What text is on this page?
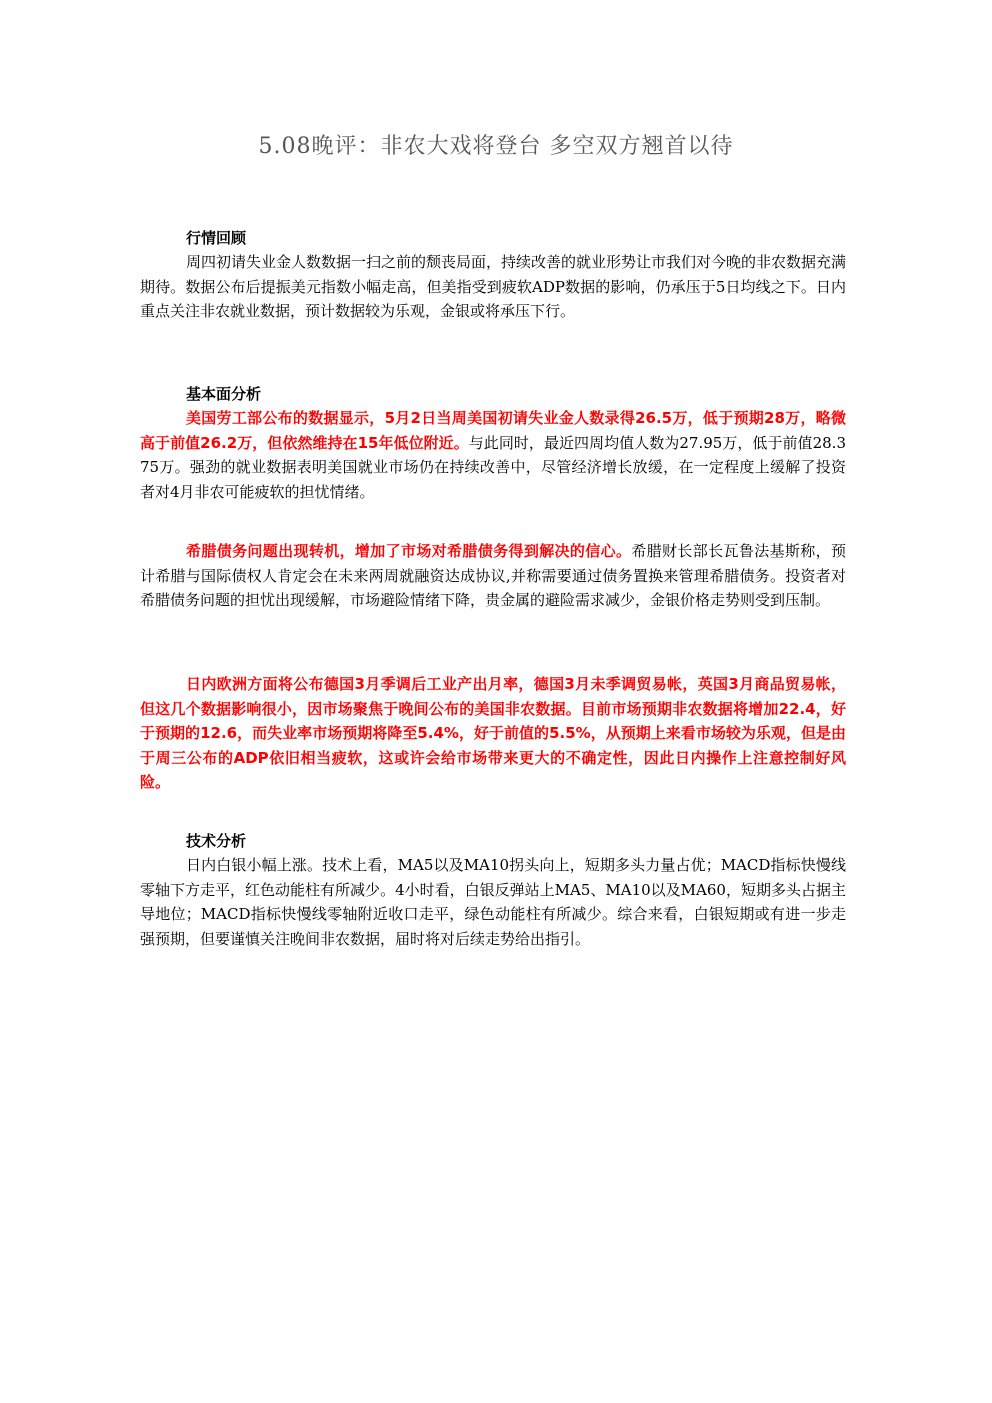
5.08晚评：非农大戏将登台 多空双方翘首以待
行情回顾

周四初请失业金人数数据一扫之前的颓丧局面，持续改善的就业形势让市我们对今晚的非农数据充满期待。数据公布后提振美元指数小幅走高，但美指受到疲软ADP数据的影响，仍承压于5日均线之下。日内重点关注非农就业数据，预计数据较为乐观，金银或将承压下行。

基本面分析

美国劳工部公布的数据显示，5月2日当周美国初请失业金人数录得26.5万，低于预期28万，略微高于前值26.2万，但依然维持在15年低位附近。与此同时，最近四周均值人数为27.95万，低于前值28.375万。强劲的就业数据表明美国就业市场仍在持续改善中，尽管经济增长放缓，在一定程度上缓解了投资者对4月非农可能疲软的担忧情绪。

希腊债务问题出现转机，增加了市场对希腊债务得到解决的信心。希腊财长部长瓦鲁法基斯称，预计希腊与国际债权人肯定会在未来两周就融资达成协议,并称需要通过债务置换来管理希腊债务。投资者对希腊债务问题的担忧出现缓解，市场避险情绪下降，贵金属的避险需求减少，金银价格走势则受到压制。

日内欧洲方面将公布德国3月季调后工业产出月率，德国3月未季调贸易帐，英国3月商品贸易帐，但这几个数据影响很小，因市场聚焦于晚间公布的美国非农数据。目前市场预期非农数据将增加22.4，好于预期的12.6，而失业率市场预期将降至5.4%，好于前值的5.5%，从预期上来看市场较为乐观，但是由于周三公布的ADP依旧相当疲软，这或许会给市场带来更大的不确定性，因此日内操作上注意控制好风险。

技术分析

日内白银小幅上涨。技术上看，MA5以及MA10拐头向上，短期多头力量占优；MACD指标快慢线零轴下方走平，红色动能柱有所减少。4小时看，白银反弹站上MA5、MA10以及MA60，短期多头占据主导地位；MACD指标快慢线零轴附近收口走平，绿色动能柱有所减少。综合来看，白银短期或有进一步走强预期，但要谨慎关注晚间非农数据，届时将对后续走势给出指引。
